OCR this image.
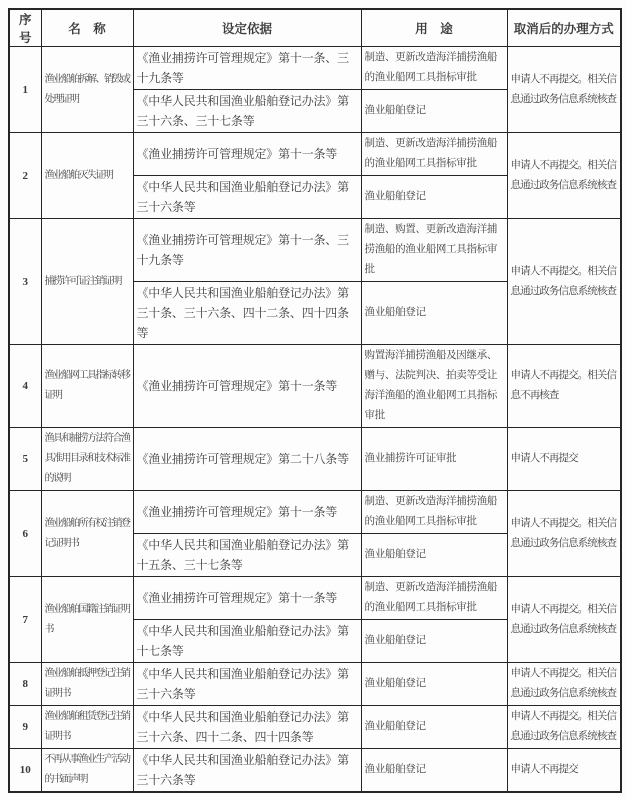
序　号	名　称	设定依据	用　途	取消后的办理方式
1	渔业船舶拆解、销毁或处理证明	《渔业捕捞许可管理规定》第十一条、三十九条等	制造、更新改造海洋捕捞渔船的渔业船网工具指标审批	申请人不再提交。相关信息通过政务信息系统核查
		《中华人民共和国渔业船舶登记办法》第三十六条、三十七条等	渔业船舶登记	
2	渔业船舶灭失证明	《渔业捕捞许可管理规定》第十一条等	制造、更新改造海洋捕捞渔船的渔业船网工具指标审批	申请人不再提交。相关信息通过政务信息系统核查
		《中华人民共和国渔业船舶登记办法》第三十六条等	渔业船舶登记	
3	捕捞许可证注销证明	《渔业捕捞许可管理规定》第十一条、三十九条等	制造、购置、更新改造海洋捕捞渔船的渔业船网工具指标审批	申请人不再提交。相关信息通过政务信息系统核查
		《中华人民共和国渔业船舶登记办法》第三十条、三十六条、四十二条、四十四条等	渔业船舶登记	
4	渔业船网工具指标转移证明	《渔业捕捞许可管理规定》第十一条等	购置海洋捕捞渔船及因继承、赠与、法院判决、拍卖等受让海洋渔船的渔业船网工具指标审批	申请人不再提交。相关信息不再核查
5	渔具和捕捞方法符合渔具准用目录和技术标准的说明	《渔业捕捞许可管理规定》第二十八条等	渔业捕捞许可证审批	申请人不再提交
6	渔业船舶所有权注销登记证明书	《渔业捕捞许可管理规定》第十一条等	制造、更新改造海洋捕捞渔船的渔业船网工具指标审批	申请人不再提交。相关信息通过政务信息系统核查
		《中华人民共和国渔业船舶登记办法》第十五条、三十七条等	渔业船舶登记	
7	渔业船舶国籍注销证明书	《渔业捕捞许可管理规定》第十一条等	制造、更新改造海洋捕捞渔船的渔业船网工具指标审批	申请人不再提交。相关信息通过政务信息系统核查
		《中华人民共和国渔业船舶登记办法》第十七条等	渔业船舶登记	
8	渔业船舶抵押登记注销证明书	《中华人民共和国渔业船舶登记办法》第三十六条等	渔业船舶登记	申请人不再提交。相关信息通过政务信息系统核查
9	渔业船舶租赁登记注销证明书	《中华人民共和国渔业船舶登记办法》第三十六条、四十二条、四十四条等	渔业船舶登记	申请人不再提交。相关信息通过政务信息系统核查
10	不再从事渔业生产活动的书面声明	《中华人民共和国渔业船舶登记办法》第三十六条等	渔业船舶登记	申请人不再提交
